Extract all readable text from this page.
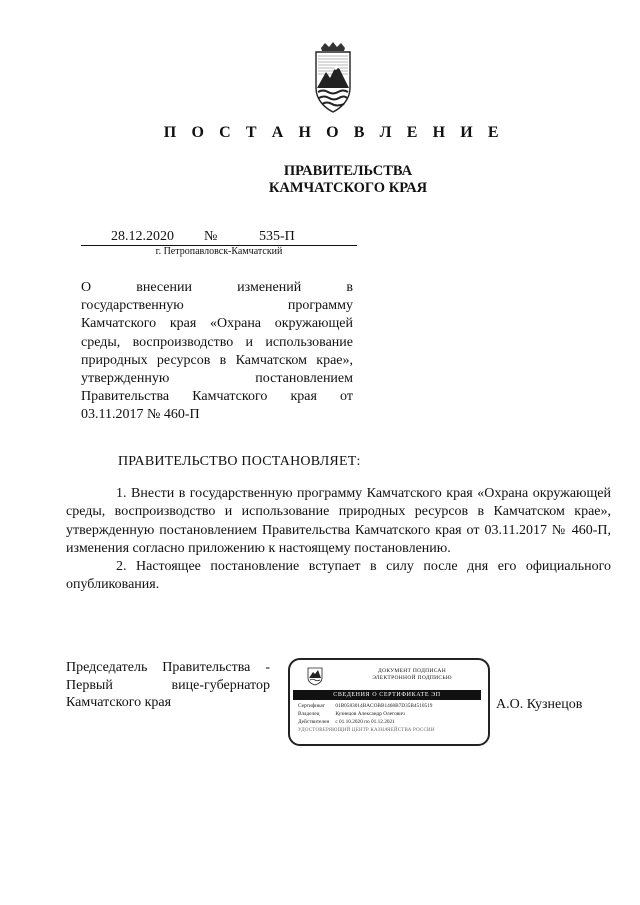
П О С Т А Н О В Л Е Н И Е
ПРАВИТЕЛЬСТВА
КАМЧАТСКОГО КРАЯ
28.12.2020 №	535-П
г. Петропавловск-Камчатский
О внесении изменений в
государственную программу
Камчатского края «Охрана окружающей
среды, воспроизводство и использование
природных ресурсов в Камчатском крае»,
утвержденную постановлением
Правительства Камчатского края от
03.11.2017 № 460-П
ПРАВИТЕЛЬСТВО ПОСТАНОВЛЯЕТ:

1. Внести в государственную программу Камчатского края «Охрана окружающей среды, воспроизводство и использование природных ресурсов в Камчатском крае», утвержденную постановлением Правительства Камчатского края от 03.11.2017 № 460-П, изменения согласно приложению к настоящему постановлению.

2. Настоящее постановление вступает в силу после дня его официального опубликования.

Председатель Правительства -
Первый вице-губернатор
Камчатского края
ДОКУМЕНТ ПОДПИСАН
ЭЛЕКТРОННОЙ ПОДПИСЬЮ
СВЕДЕНИЯ О СЕРТИФИКАТЕ ЭП
Сертификат 01B0583014BACOBB1468B7D35B4510519
Владелец	Кузнецов Александр Олегович
Действителен с 01.10.2020 по 01.12.2021
УДОСТОВЕРЯЮЩИЙ ЦЕНТР КАЗНАЧЕЙСТВА РОССИИ
А.О. Кузнецов
